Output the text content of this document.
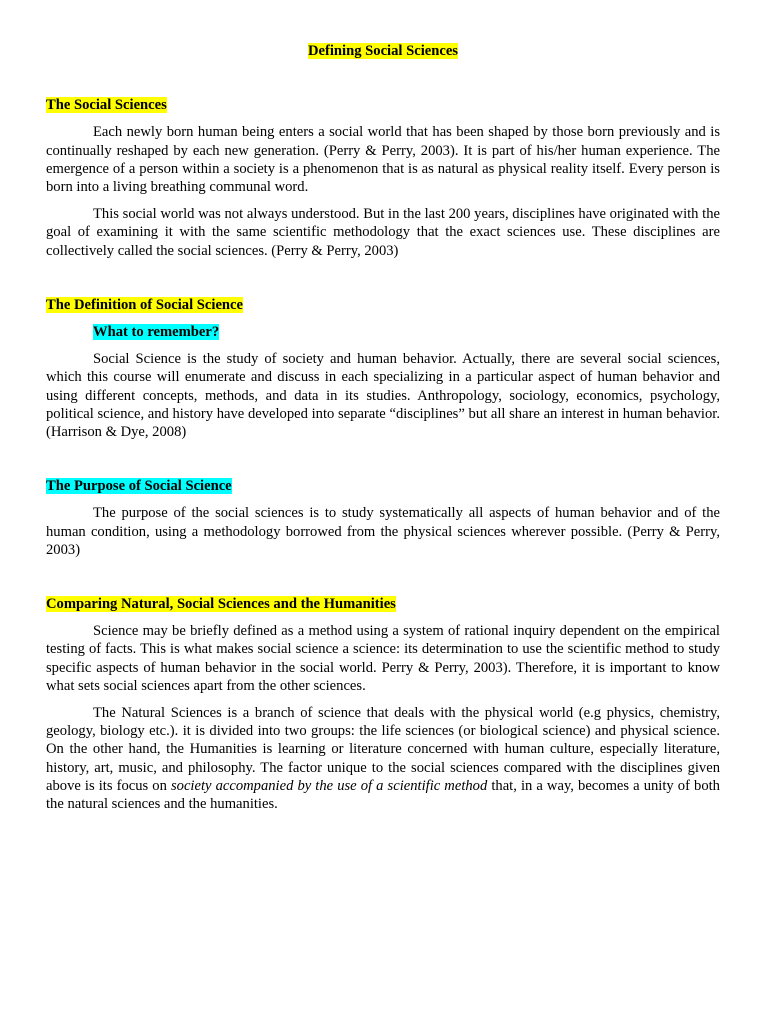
Defining Social Sciences
The Social Sciences

Each newly born human being enters a social world that has been shaped by those born previously and is continually reshaped by each new generation. (Perry & Perry, 2003). It is part of his/her human experience. The emergence of a person within a society is a phenomenon that is as natural as physical reality itself. Every person is born into a living breathing communal word.

This social world was not always understood. But in the last 200 years, disciplines have originated with the goal of examining it with the same scientific methodology that the exact sciences use. These disciplines are collectively called the social sciences. (Perry & Perry, 2003)

The Definition of Social Science
What to remember?

Social Science is the study of society and human behavior. Actually, there are several social sciences, which this course will enumerate and discuss in each specializing in a particular aspect of human behavior and using different concepts, methods, and data in its studies. Anthropology, sociology, economics, psychology, political science, and history have developed into separate “disciplines” but all share an interest in human behavior. (Harrison & Dye, 2008)

The Purpose of Social Science

The purpose of the social sciences is to study systematically all aspects of human behavior and of the human condition, using a methodology borrowed from the physical sciences wherever possible. (Perry & Perry, 2003)

Comparing Natural, Social Sciences and the Humanities

Science may be briefly defined as a method using a system of rational inquiry dependent on the empirical testing of facts. This is what makes social science a science: its determination to use the scientific method to study specific aspects of human behavior in the social world. Perry & Perry, 2003). Therefore, it is important to know what sets social sciences apart from the other sciences.

The Natural Sciences is a branch of science that deals with the physical world (e.g physics, chemistry, geology, biology etc.). it is divided into two groups: the life sciences (or biological science) and physical science. On the other hand, the Humanities is learning or literature concerned with human culture, especially literature, history, art, music, and philosophy. The factor unique to the social sciences compared with the disciplines given above is its focus on society accompanied by the use of a scientific method that, in a way, becomes a unity of both the natural sciences and the humanities.
